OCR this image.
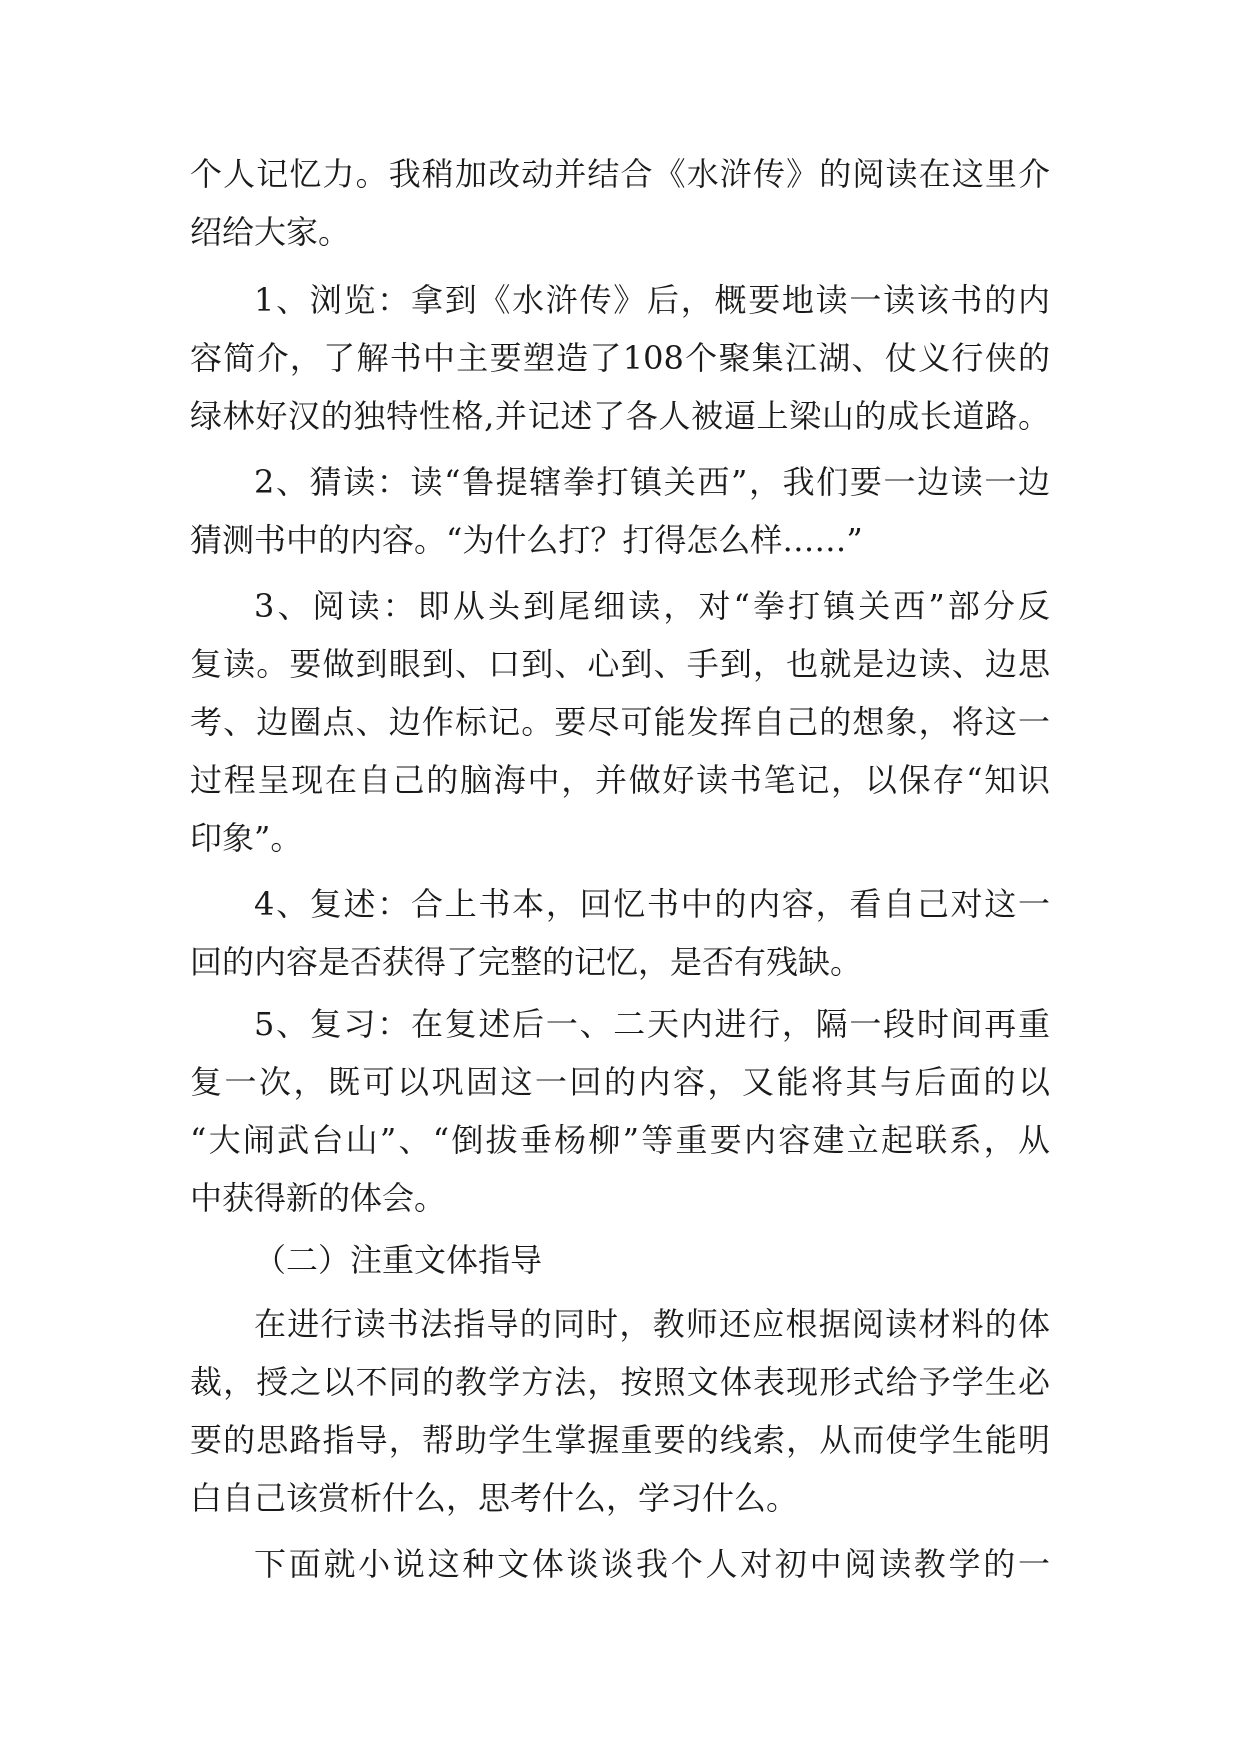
个人记忆力。我稍加改动并结合《水浒传》的阅读在这里介
绍给大家。
1、浏览：拿到《水浒传》后，概要地读一读该书的内
容简介，了解书中主要塑造了108个聚集江湖、仗义行侠的
绿林好汉的独特性格,并记述了各人被逼上梁山的成长道路。
2、猜读：读“鲁提辖拳打镇关西”，我们要一边读一边
猜测书中的内容。“为什么打？打得怎么样……”
3、阅读：即从头到尾细读，对“拳打镇关西”部分反
复读。要做到眼到、口到、心到、手到，也就是边读、边思
考、边圈点、边作标记。要尽可能发挥自己的想象，将这一
过程呈现在自己的脑海中，并做好读书笔记，以保存“知识
印象”。
4、复述：合上书本，回忆书中的内容，看自己对这一
回的内容是否获得了完整的记忆，是否有残缺。
5、复习：在复述后一、二天内进行，隔一段时间再重
复一次，既可以巩固这一回的内容，又能将其与后面的以
“大闹武台山”、“倒拔垂杨柳”等重要内容建立起联系，从
中获得新的体会。
（二）注重文体指导
在进行读书法指导的同时，教师还应根据阅读材料的体
裁，授之以不同的教学方法，按照文体表现形式给予学生必
要的思路指导，帮助学生掌握重要的线索，从而使学生能明
白自己该赏析什么，思考什么，学习什么。
下面就小说这种文体谈谈我个人对初中阅读教学的一
